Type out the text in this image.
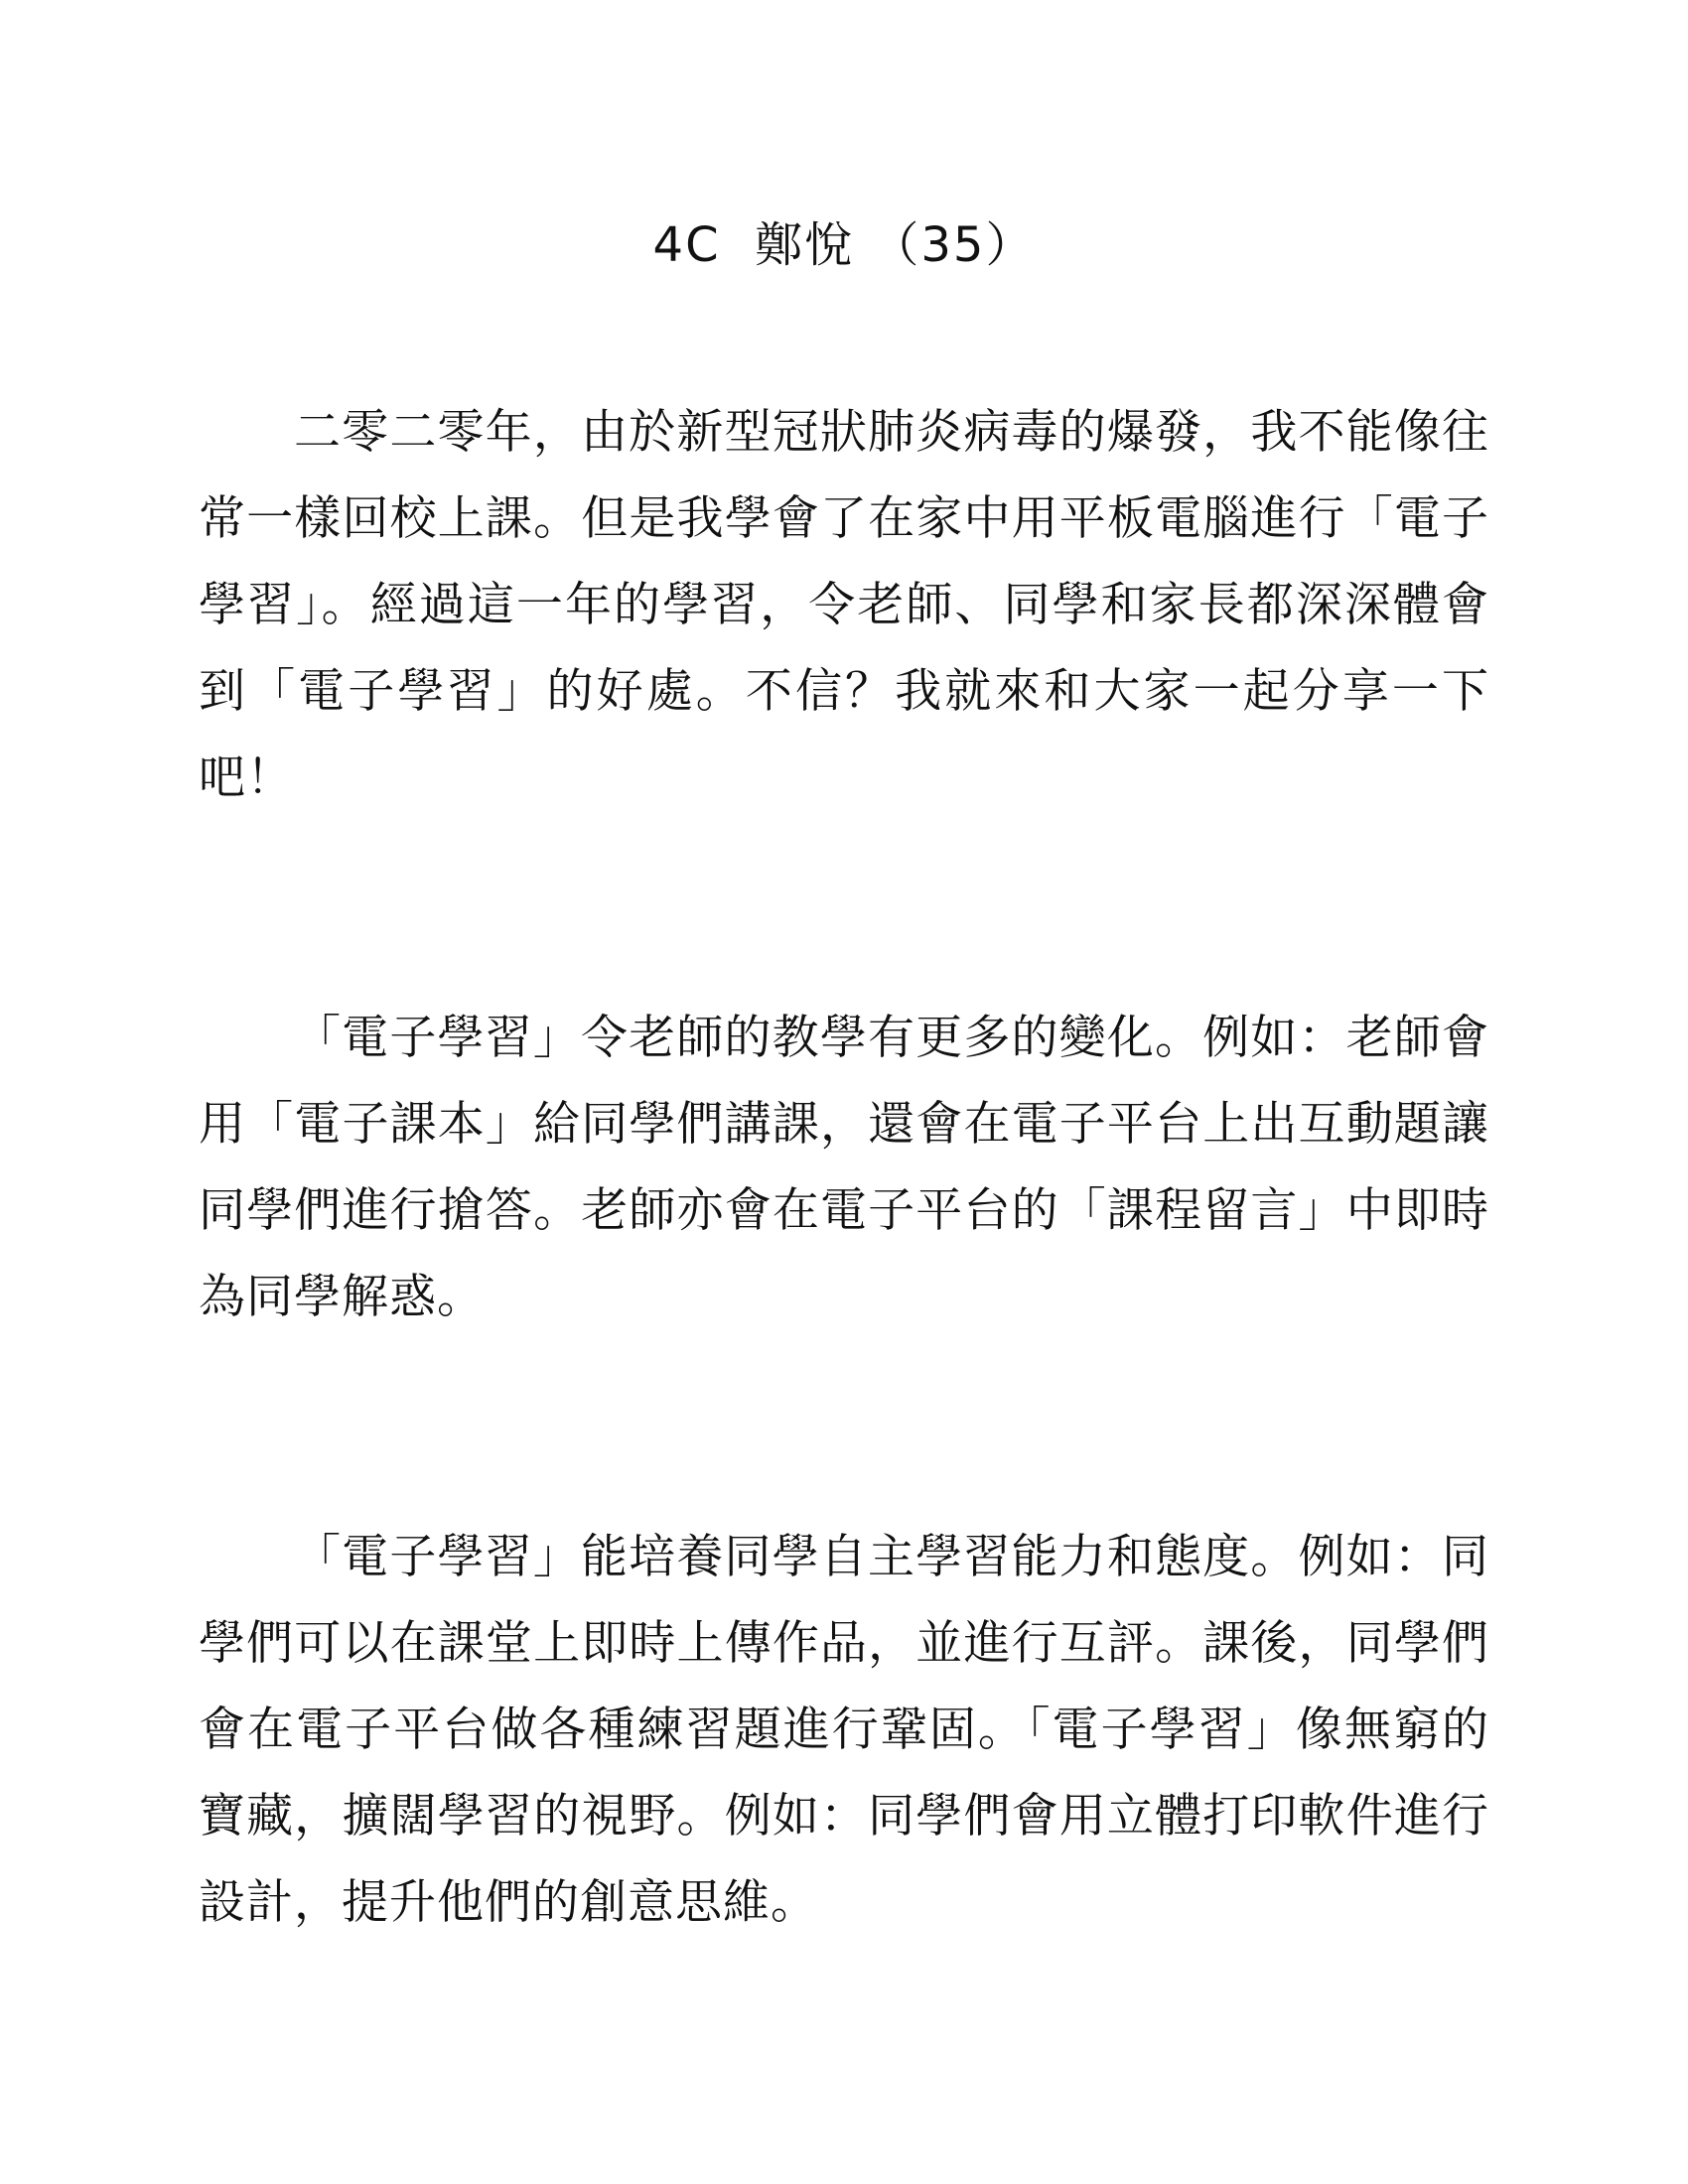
4C  鄭悅 （35）

二零二零年，由於新型冠狀肺炎病毒的爆發，我不能像往常一樣回校上課。但是我學會了在家中用平板電腦進行「電子學習」。經過這一年的學習，令老師、同學和家長都深深體會到「電子學習」的好處。不信？我就來和大家一起分享一下吧！

「電子學習」令老師的教學有更多的變化。例如：老師會用「電子課本」給同學們講課，還會在電子平台上出互動題讓同學們進行搶答。老師亦會在電子平台的「課程留言」中即時為同學解惑。

「電子學習」能培養同學自主學習能力和態度。例如：同學們可以在課堂上即時上傳作品，並進行互評。課後，同學們會在電子平台做各種練習題進行鞏固。「電子學習」像無窮的寶藏，擴闊學習的視野。例如：同學們會用立體打印軟件進行設計，提升他們的創意思維。
